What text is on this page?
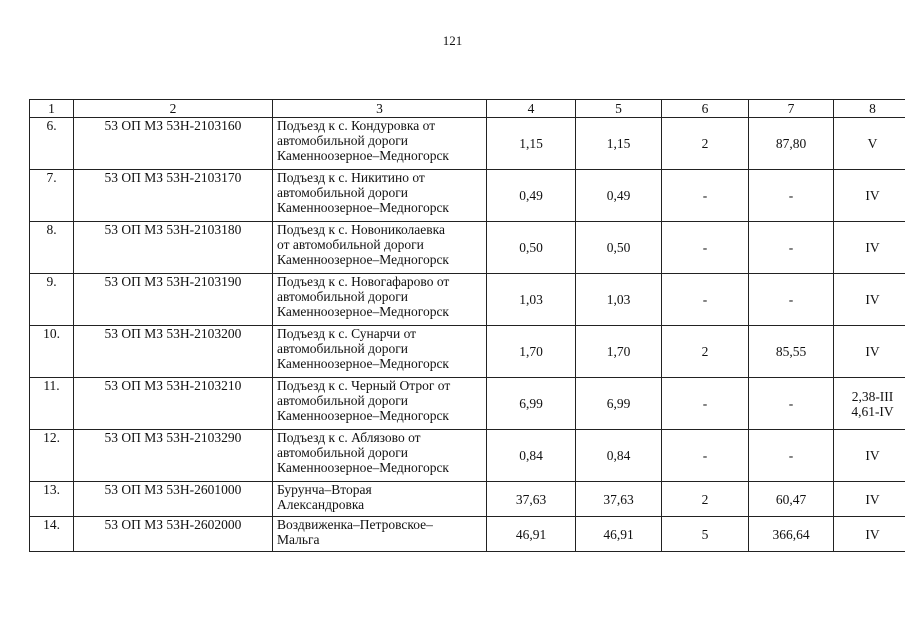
121
1	2	3	4	5	6	7	8
6.	53 ОП МЗ 53Н-2103160	Подъезд к с. Кондуровка от
автомобильной дороги
Каменноозерное–Медногорск	1,15	1,15	2	87,80	V

7.	53 ОП МЗ 53Н-2103170	Подъезд к с. Никитино от
автомобильной дороги
Каменноозерное–Медногорск	0,49	0,49	-	-	IV

8.	53 ОП МЗ 53Н-2103180	Подъезд к с. Новониколаевка
от автомобильной дороги
Каменноозерное–Медногорск	0,50	0,50	-	-	IV

9.	53 ОП МЗ 53Н-2103190	Подъезд к с. Новогафарово от
автомобильной дороги
Каменноозерное–Медногорск	1,03	1,03	-	-	IV

10.	53 ОП МЗ 53Н-2103200	Подъезд к с. Сунарчи от
автомобильной дороги
Каменноозерное–Медногорск	1,70	1,70	2	85,55	IV

11.	53 ОП МЗ 53Н-2103210	Подъезд к с. Черный Отрог от
автомобильной дороги
Каменноозерное–Медногорск	6,99	6,99	-	-	2,38-III
4,61-IV

12.	53 ОП МЗ 53Н-2103290	Подъезд к с. Аблязово от
автомобильной дороги
Каменноозерное–Медногорск	0,84	0,84	-	-	IV

13.	53 ОП МЗ 53Н-2601000	Бурунча–Вторая
Александровка	37,63	37,63	2	60,47	IV

14.	53 ОП МЗ 53Н-2602000	Воздвиженка–Петровское–
Мальга	46,91	46,91	5	366,64	IV
